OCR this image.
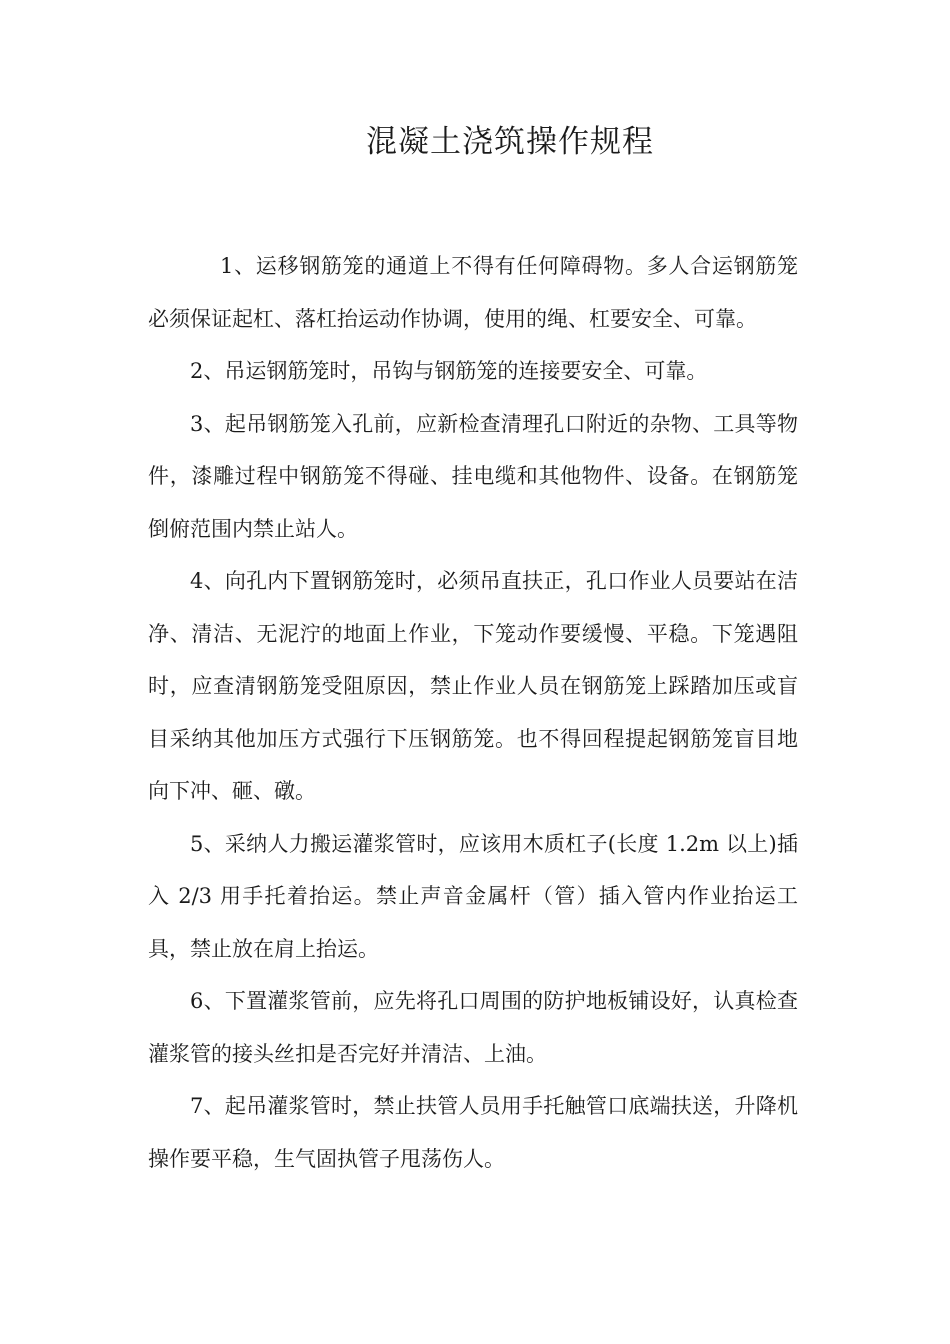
混凝土浇筑操作规程

1、运移钢筋笼的通道上不得有任何障碍物。多人合运钢筋笼必须保证起杠、落杠抬运动作协调，使用的绳、杠要安全、可靠。

2、吊运钢筋笼时，吊钩与钢筋笼的连接要安全、可靠。

3、起吊钢筋笼入孔前，应新检查清理孔口附近的杂物、工具等物件，漆雕过程中钢筋笼不得碰、挂电缆和其他物件、设备。在钢筋笼倒俯范围内禁止站人。

4、向孔内下置钢筋笼时，必须吊直扶正，孔口作业人员要站在洁净、清洁、无泥泞的地面上作业，下笼动作要缓慢、平稳。下笼遇阻时，应查清钢筋笼受阻原因，禁止作业人员在钢筋笼上踩踏加压或盲目采纳其他加压方式强行下压钢筋笼。也不得回程提起钢筋笼盲目地向下冲、砸、礅。

5、采纳人力搬运灌浆管时，应该用木质杠子(长度 1.2m 以上)插入 2/3 用手托着抬运。禁止声音金属杆（管）插入管内作业抬运工具，禁止放在肩上抬运。

6、下置灌浆管前，应先将孔口周围的防护地板铺设好，认真检查灌浆管的接头丝扣是否完好并清洁、上油。

7、起吊灌浆管时，禁止扶管人员用手托触管口底端扶送，升降机操作要平稳，生气固执管子甩荡伤人。
